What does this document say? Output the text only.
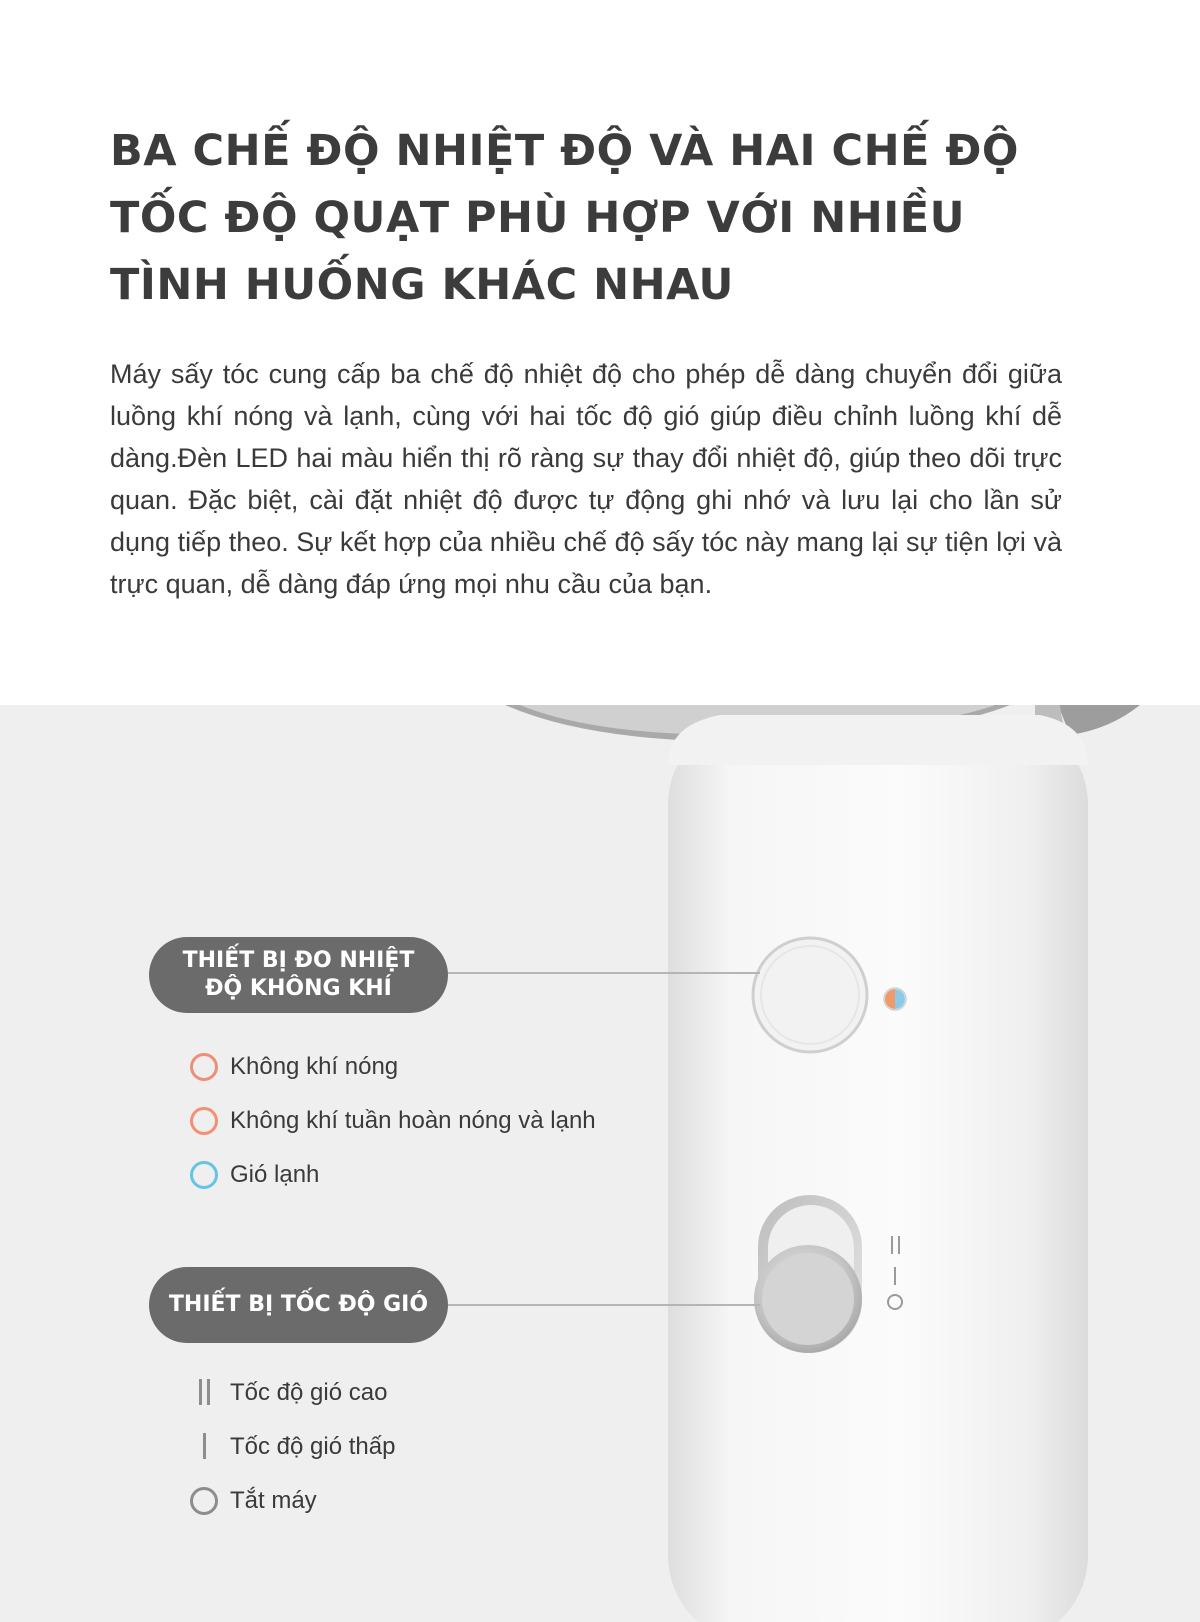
BA CHẾ ĐỘ NHIỆT ĐỘ VÀ HAI CHẾ ĐỘ
TỐC ĐỘ QUẠT PHÙ HỢP VỚI NHIỀU
TÌNH HUỐNG KHÁC NHAU

Máy sấy tóc cung cấp ba chế độ nhiệt độ cho phép dễ dàng chuyển đổi giữa luồng khí nóng và lạnh, cùng với hai tốc độ gió giúp điều chỉnh luồng khí dễ dàng.Đèn LED hai màu hiển thị rõ ràng sự thay đổi nhiệt độ, giúp theo dõi trực quan. Đặc biệt, cài đặt nhiệt độ được tự động ghi nhớ và lưu lại cho lần sử dụng tiếp theo. Sự kết hợp của nhiều chế độ sấy tóc này mang lại sự tiện lợi và trực quan, dễ dàng đáp ứng mọi nhu cầu của bạn.

THIẾT BỊ ĐO NHIỆT
ĐỘ KHÔNG KHÍ
Không khí nóng
Không khí tuần hoàn nóng và lạnh
Gió lạnh
THIẾT BỊ TỐC ĐỘ GIÓ
Tốc độ gió cao
Tốc độ gió thấp
Tắt máy
